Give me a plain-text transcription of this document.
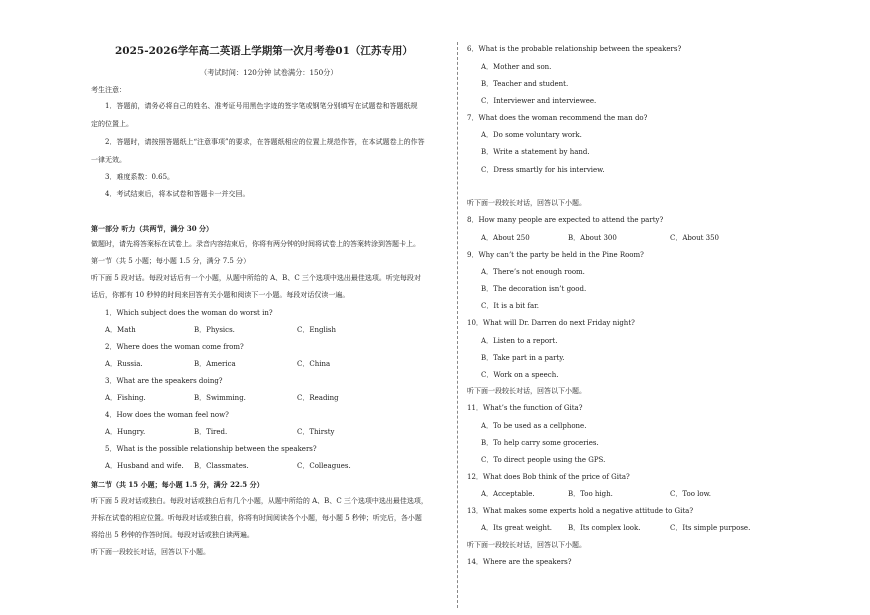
2025-2026学年高二英语上学期第一次月考卷01（江苏专用）
（考试时间：120分钟 试卷满分：150分）
考生注意：
1．答题前，请务必将自己的姓名、准考证号用黑色字迹的签字笔或钢笔分别填写在试题卷和答题纸规
定的位置上。
2．答题时，请按照答题纸上“注意事项”的要求，在答题纸相应的位置上规范作答，在本试题卷上的作答
一律无效。
3．难度系数：0.65。
4．考试结束后，将本试卷和答题卡一并交回。
第一部分 听力（共两节，满分 30 分）
做题时，请先将答案标在试卷上。录音内容结束后，你将有两分钟的时间将试卷上的答案转涂到答题卡上。
第一节（共 5 小题；每小题 1.5 分，满分 7.5 分）
听下面 5 段对话。每段对话后有一个小题，从题中所给的 A、B、C 三个选项中选出最佳选项。听完每段对
话后，你都有 10 秒钟的时间来回答有关小题和阅读下一小题。每段对话仅读一遍。
1．Which subject does the woman do worst in?
A．Math	B．Physics.	C．English
2．Where does the woman come from?
A．Russia.	B．America	C．China
3．What are the speakers doing?
A．Fishing.	B．Swimming.	C．Reading
4．How does the woman feel now?
A．Hungry.	B．Tired.	C．Thirsty
5．What is the possible relationship between the speakers?
A．Husband and wife. B．Classmates.	C．Colleagues.
第二节（共 15 小题；每小题 1.5 分，满分 22.5 分）
听下面 5 段对话或独白。每段对话或独白后有几个小题，从题中所给的 A、B、C 三个选项中选出最佳选项，
并标在试卷的相应位置。听每段对话或独白前，你将有时间阅读各个小题，每小题 5 秒钟；听完后，各小题
将给出 5 秒钟的作答时间。每段对话或独白读两遍。
听下面一段较长对话，回答以下小题。
6．What is the probable relationship between the speakers?
A．Mother and son.
B．Teacher and student.
C．Interviewer and interviewee.
7．What does the woman recommend the man do?
A．Do some voluntary work.
B．Write a statement by hand.
C．Dress smartly for his interview.
听下面一段较长对话，回答以下小题。
8．How many people are expected to attend the party?
A．About 250	B．About 300	C．About 350
9．Why can’t the party be held in the Pine Room?
A．There’s not enough room.
B．The decoration isn’t good.
C．It is a bit far.
10．What will Dr. Darren do next Friday night?
A．Listen to a report.
B．Take part in a party.
C．Work on a speech.
听下面一段较长对话，回答以下小题。
11．What’s the function of Gita?
A．To be used as a cellphone.
B．To help carry some groceries.
C．To direct people using the GPS.
12．What does Bob think of the price of Gita?
A．Acceptable.	B．Too high.	C．Too low.
13．What makes some experts hold a negative attitude to Gita?
A．Its great weight. B．Its complex look.	C．Its simple purpose.
听下面一段较长对话，回答以下小题。
14．Where are the speakers?
